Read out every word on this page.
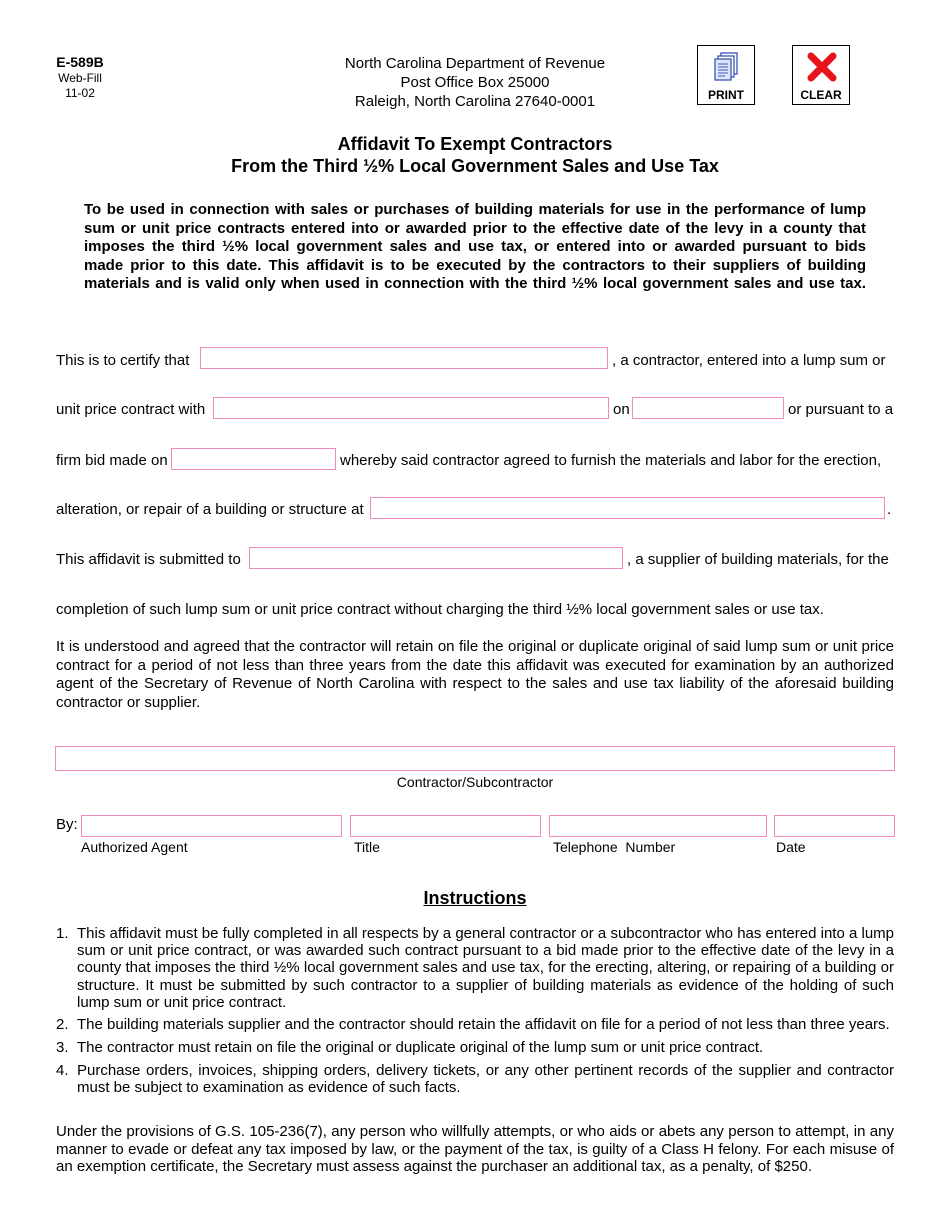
E-589B
Web-Fill
11-02
North Carolina Department of Revenue
Post Office Box 25000
Raleigh, North Carolina 27640-0001	PRINT	CLEAR
Affidavit To Exempt Contractors
From the Third ½% Local Government Sales and Use Tax
To be used in connection with sales or purchases of building materials for use in the performance of lump
sum or unit price contracts entered into or awarded prior to the effective date of the levy in a county that
imposes the third ½% local government sales and use tax, or entered into or awarded pursuant to bids
made prior to this date. This affidavit is to be executed by the contractors to their suppliers of building
materials and is valid only when used in connection with the third ½% local government sales and use tax.
This is to certify that	, a contractor, entered into a lump sum or
unit price contract with	on	or pursuant to a
firm bid made on	whereby said contractor agreed to furnish the materials and labor for the erection,
alteration, or repair of a building or structure at	.
This affidavit is submitted to	, a supplier of building materials, for the
completion of such lump sum or unit price contract without charging the third ½% local government sales or use tax.
It is understood and agreed that the contractor will retain on file the original or duplicate original of said lump sum or unit price contract for a period of not less than three years from the date this affidavit was executed for examination by an authorized agent of the Secretary of Revenue of North Carolina with respect to the sales and use tax liability of the aforesaid building contractor or supplier.
Contractor/Subcontractor
By:
Authorized Agent	Title	Telephone  Number	Date
Instructions
1. This affidavit must be fully completed in all respects by a general contractor or a subcontractor who has entered into a lump sum or unit price contract, or was awarded such contract pursuant to a bid made prior to the effective date of the levy in a county that imposes the third ½% local government sales and use tax, for the erecting, altering, or repairing of a building or structure. It must be submitted by such contractor to a supplier of building materials as evidence of the holding of such lump sum or unit price contract.
2. The building materials supplier and the contractor should retain the affidavit on file for a period of not less than three years.
3. The contractor must retain on file the original or duplicate original of the lump sum or unit price contract.
4. Purchase orders, invoices, shipping orders, delivery tickets, or any other pertinent records of the supplier and contractor must be subject to examination as evidence of such facts.
Under the provisions of G.S. 105-236(7), any person who willfully attempts, or who aids or abets any person to attempt, in any manner to evade or defeat any tax imposed by law, or the payment of the tax, is guilty of a Class H felony. For each misuse of an exemption certificate, the Secretary must assess against the purchaser an additional tax, as a penalty, of $250.
